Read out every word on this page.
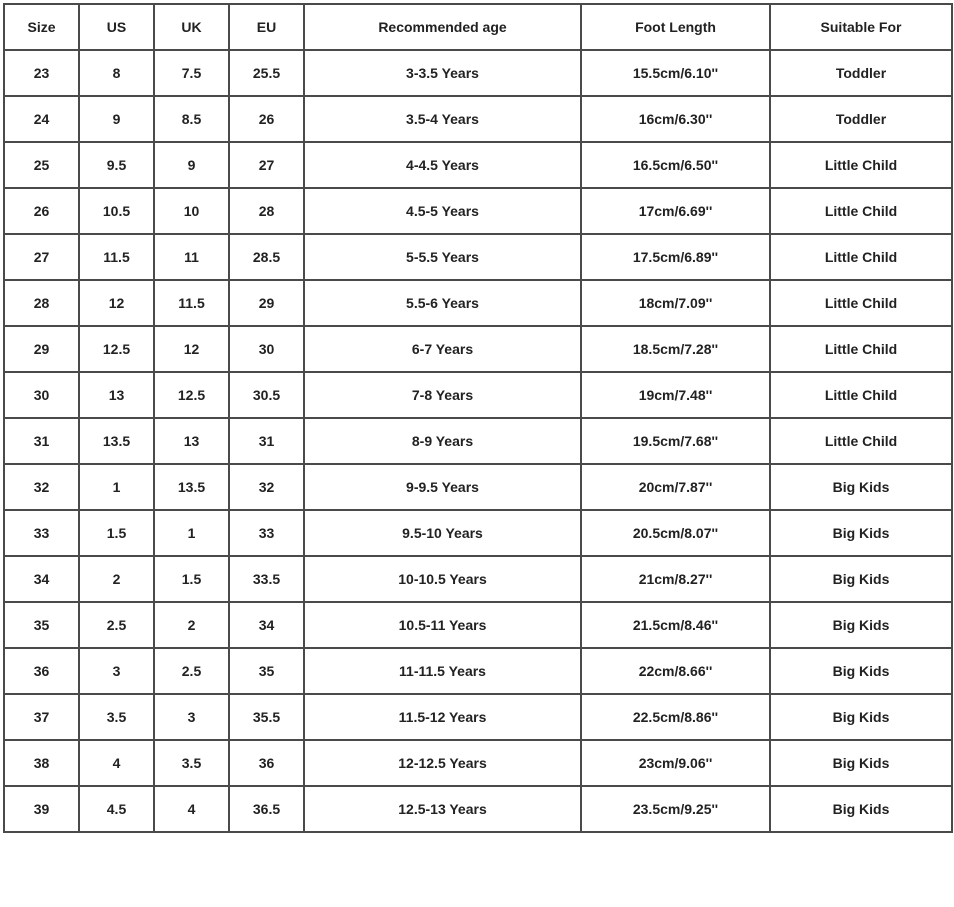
Size	US	UK	EU	Recommended age	Foot Length	Suitable For
23	8	7.5	25.5	3-3.5 Years	15.5cm/6.10''	Toddler
24	9	8.5	26	3.5-4 Years	16cm/6.30''	Toddler
25	9.5	9	27	4-4.5 Years	16.5cm/6.50''	Little Child
26	10.5	10	28	4.5-5 Years	17cm/6.69''	Little Child
27	11.5	11	28.5	5-5.5 Years	17.5cm/6.89''	Little Child
28	12	11.5	29	5.5-6 Years	18cm/7.09''	Little Child
29	12.5	12	30	6-7 Years	18.5cm/7.28''	Little Child
30	13	12.5	30.5	7-8 Years	19cm/7.48''	Little Child
31	13.5	13	31	8-9 Years	19.5cm/7.68''	Little Child
32	1	13.5	32	9-9.5 Years	20cm/7.87''	Big Kids
33	1.5	1	33	9.5-10 Years	20.5cm/8.07''	Big Kids
34	2	1.5	33.5	10-10.5 Years	21cm/8.27''	Big Kids
35	2.5	2	34	10.5-11 Years	21.5cm/8.46''	Big Kids
36	3	2.5	35	11-11.5 Years	22cm/8.66''	Big Kids
37	3.5	3	35.5	11.5-12 Years	22.5cm/8.86''	Big Kids
38	4	3.5	36	12-12.5 Years	23cm/9.06''	Big Kids
39	4.5	4	36.5	12.5-13 Years	23.5cm/9.25''	Big Kids
